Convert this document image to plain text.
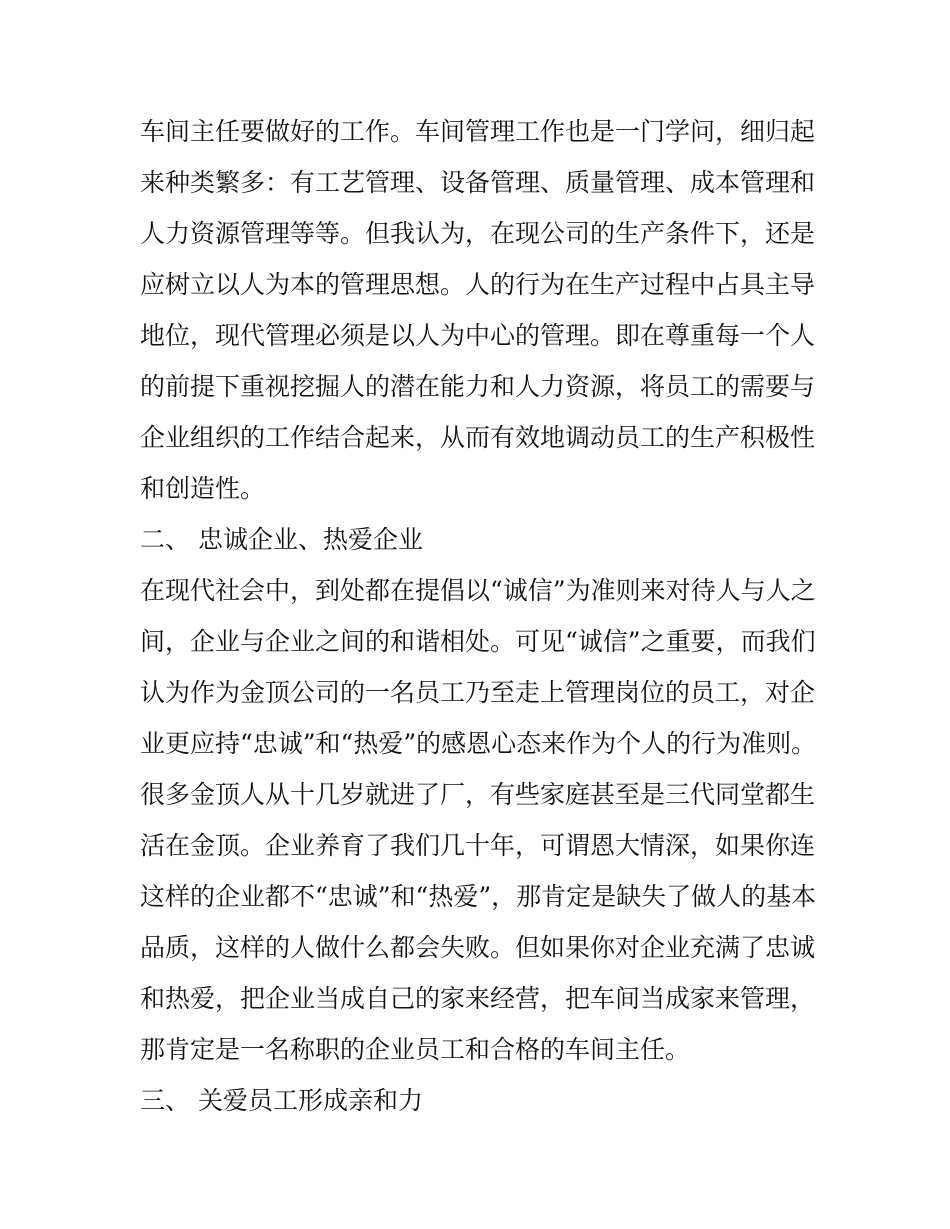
车间主任要做好的工作。车间管理工作也是一门学问，细归起
来种类繁多：有工艺管理、设备管理、质量管理、成本管理和
人力资源管理等等。但我认为，在现公司的生产条件下，还是
应树立以人为本的管理思想。人的行为在生产过程中占具主导
地位，现代管理必须是以人为中心的管理。即在尊重每一个人
的前提下重视挖掘人的潜在能力和人力资源，将员工的需要与
企业组织的工作结合起来，从而有效地调动员工的生产积极性
和创造性。
二、 忠诚企业、热爱企业
在现代社会中，到处都在提倡以“诚信”为准则来对待人与人之
间，企业与企业之间的和谐相处。可见“诚信”之重要，而我们
认为作为金顶公司的一名员工乃至走上管理岗位的员工，对企
业更应持“忠诚”和“热爱”的感恩心态来作为个人的行为准则。
很多金顶人从十几岁就进了厂，有些家庭甚至是三代同堂都生
活在金顶。企业养育了我们几十年，可谓恩大情深，如果你连
这样的企业都不“忠诚”和“热爱”，那肯定是缺失了做人的基本
品质，这样的人做什么都会失败。但如果你对企业充满了忠诚
和热爱，把企业当成自己的家来经营，把车间当成家来管理，
那肯定是一名称职的企业员工和合格的车间主任。
三、 关爱员工形成亲和力
